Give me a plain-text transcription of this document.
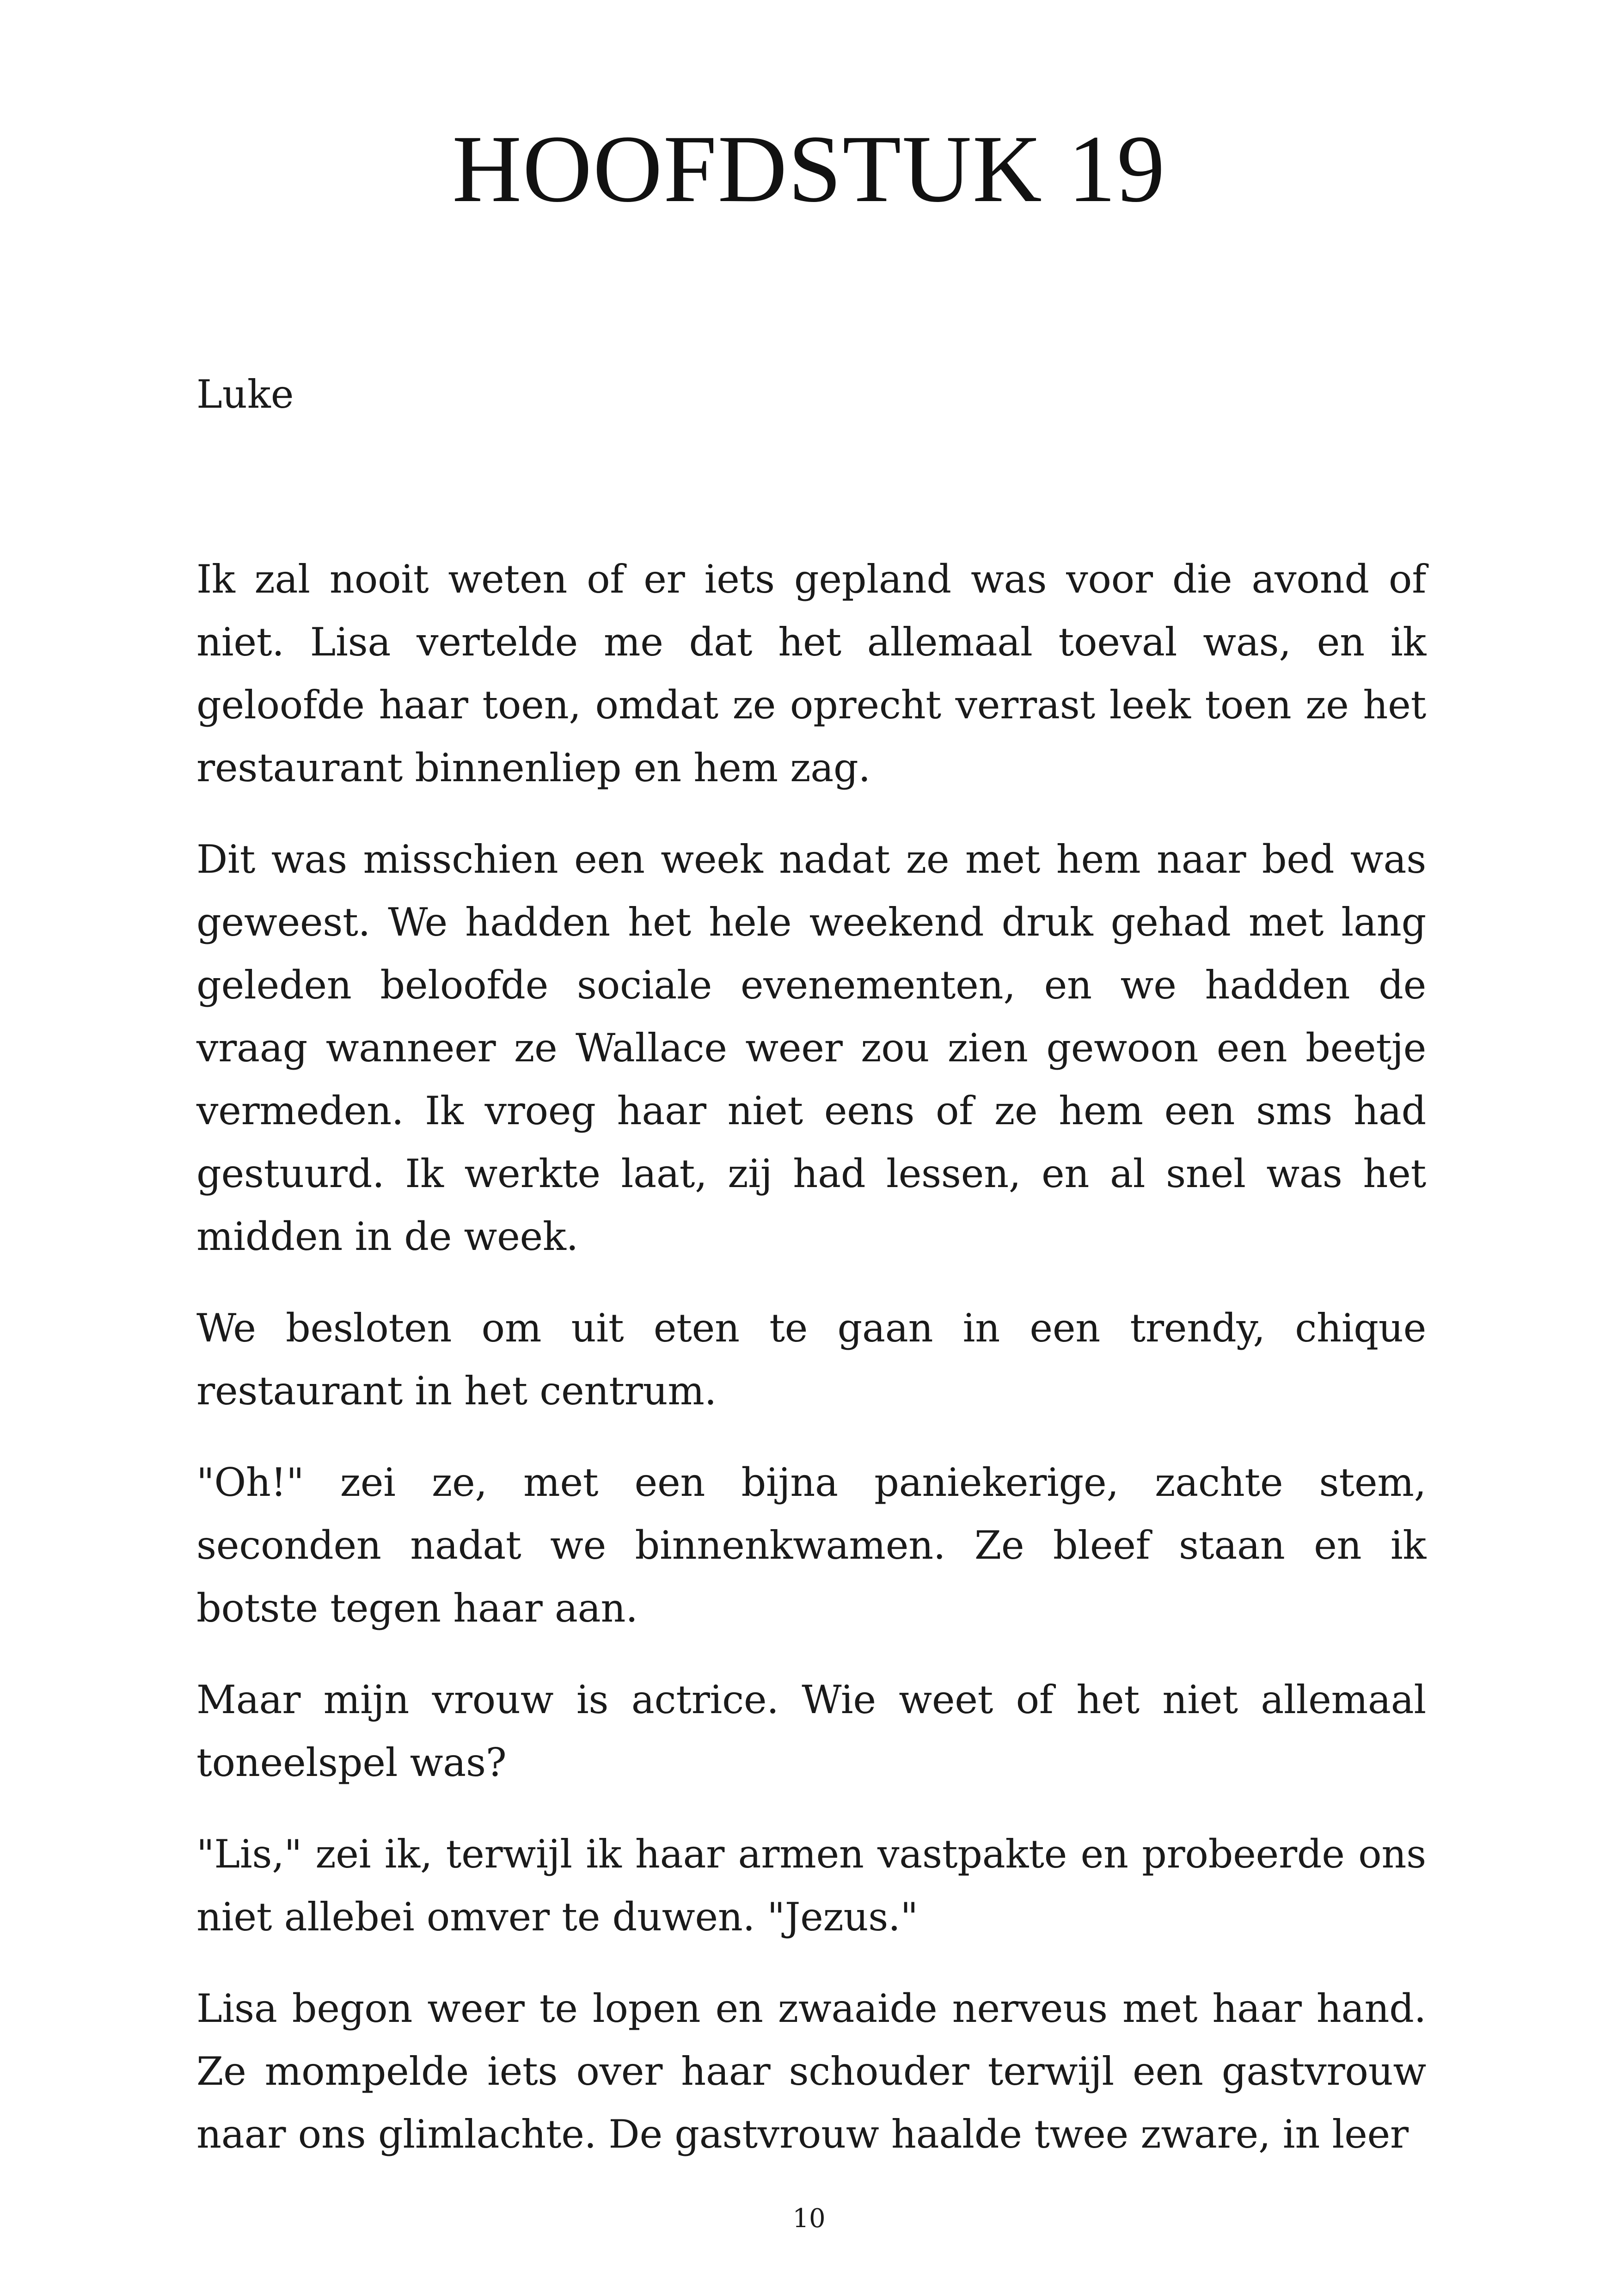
HOOFDSTUK 19

Luke

Ik zal nooit weten of er iets gepland was voor die avond of niet. Lisa vertelde me dat het allemaal toeval was, en ik geloofde haar toen, omdat ze oprecht verrast leek toen ze het restaurant binnenliep en hem zag.

Dit was misschien een week nadat ze met hem naar bed was geweest. We hadden het hele weekend druk gehad met lang geleden beloofde sociale evenementen, en we hadden de vraag wanneer ze Wallace weer zou zien gewoon een beetje vermeden. Ik vroeg haar niet eens of ze hem een sms had gestuurd. Ik werkte laat, zij had lessen, en al snel was het midden in de week.

We besloten om uit eten te gaan in een trendy, chique restaurant in het centrum.

"Oh!" zei ze, met een bijna paniekerige, zachte stem, seconden nadat we binnenkwamen. Ze bleef staan en ik botste tegen haar aan.

Maar mijn vrouw is actrice. Wie weet of het niet allemaal toneelspel was?

"Lis," zei ik, terwijl ik haar armen vastpakte en probeerde ons niet allebei omver te duwen. "Jezus."

Lisa begon weer te lopen en zwaaide nerveus met haar hand. Ze mompelde iets over haar schouder terwijl een gastvrouw naar ons glimlachte. De gastvrouw haalde twee zware, in leer

10
